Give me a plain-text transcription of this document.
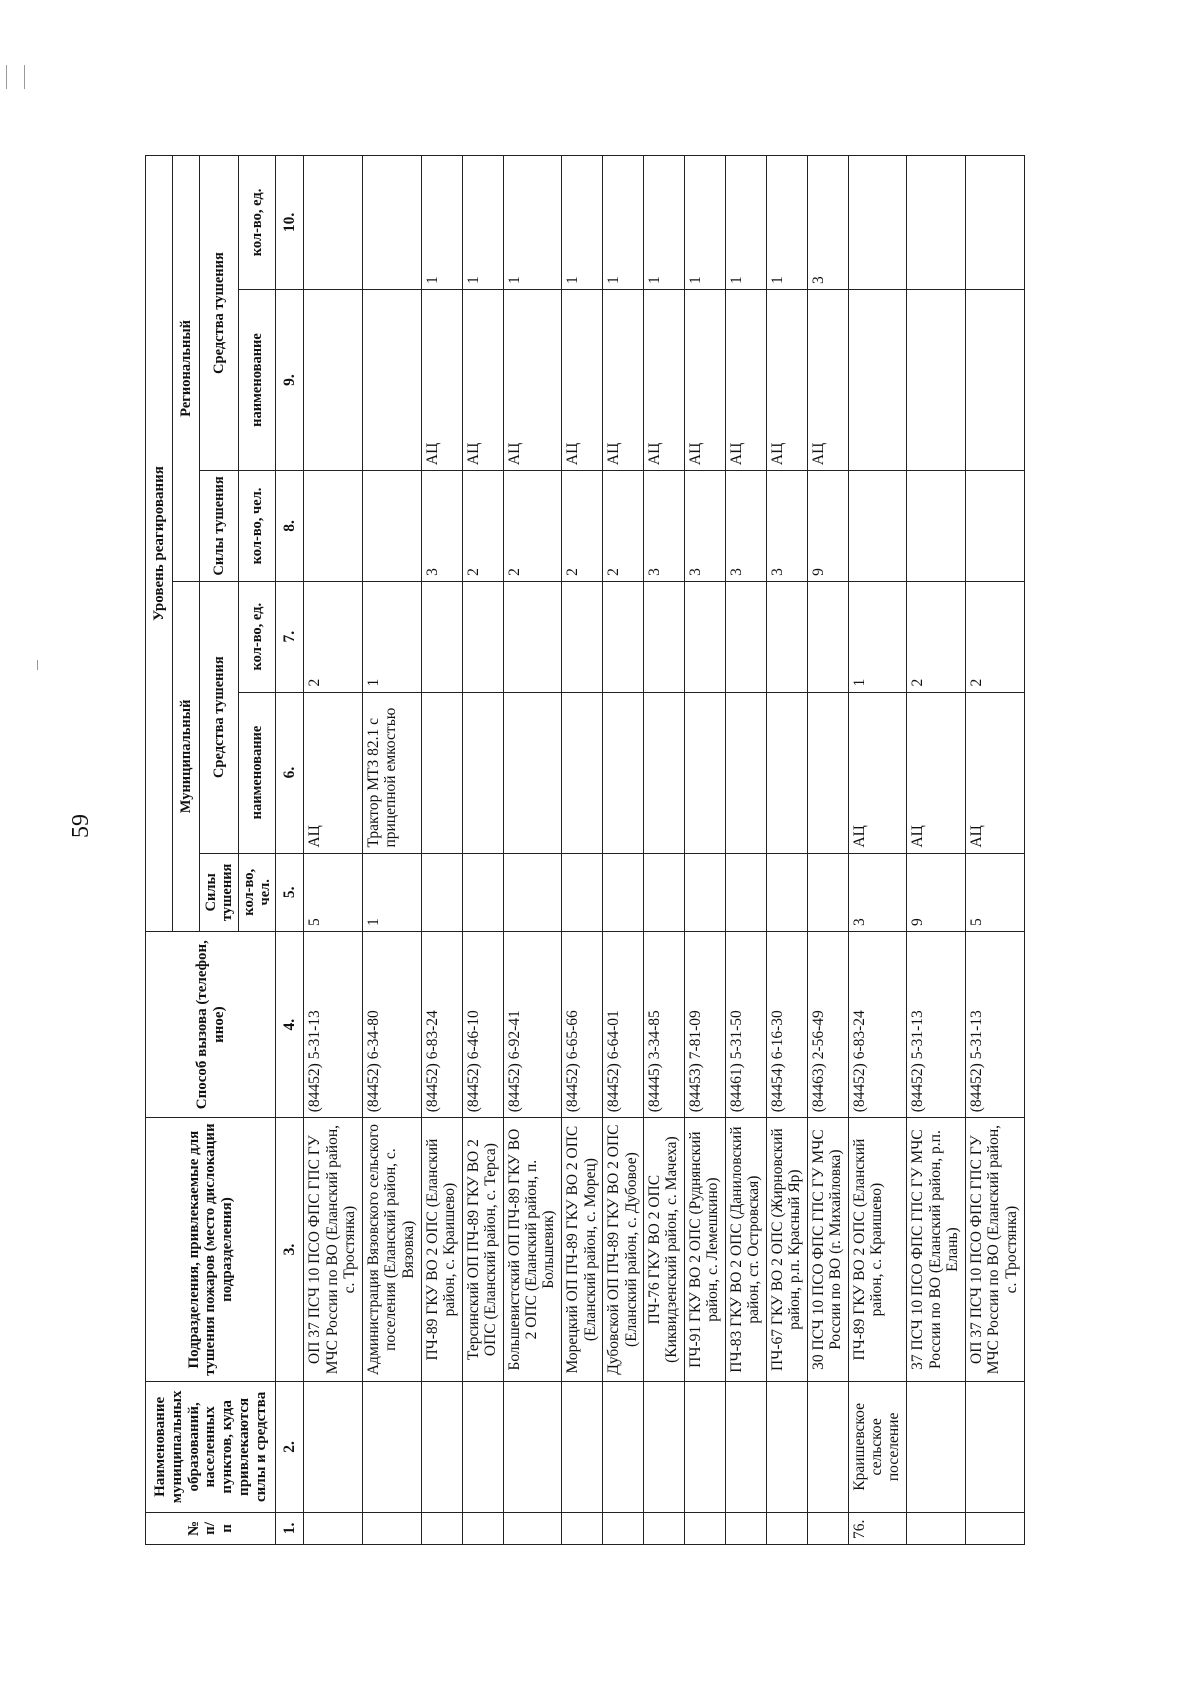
59
№ п/п	Наименование муниципальных образований, населенных пунктов, куда привлекаются силы и средства	Подразделения, привлекаемые для тушения пожаров (место дислокации подразделения)	Способ вызова (телефон, иное)	Уровень реагирования					
				Муниципальный			Региональный		
				Силы тушения	Средства тушения		Силы тушения	Средства тушения	
				кол-во, чел.	наименование	кол-во, ед.	кол-во, чел.	наименование	кол-во, ед.
1.	2.	3.	4.	5.	6.	7.	8.	9.	10.
		ОП 37 ПСЧ 10 ПСО ФПС ГПС ГУ МЧС России по ВО (Еланский район, с. Тростянка)	(84452) 5-31-13	5	АЦ	2			
		Администрация Вязовского сельского поселения (Еланский район, с. Вязовка)	(84452) 6-34-80	1	Трактор МТЗ 82.1 с прицепной емкостью	1			
		ПЧ-89 ГКУ ВО 2 ОПС (Еланский район, с. Краишево)	(84452) 6-83-24				3	АЦ	1
		Терсинский ОП ПЧ-89 ГКУ ВО 2 ОПС (Еланский район, с. Терса)	(84452) 6-46-10				2	АЦ	1
		Большевистский ОП ПЧ-89 ГКУ ВО 2 ОПС (Еланский район, п. Большевик)	(84452) 6-92-41				2	АЦ	1
		Морецкий ОП ПЧ-89 ГКУ ВО 2 ОПС (Еланский район, с. Морец)	(84452) 6-65-66				2	АЦ	1
		Дубовской ОП ПЧ-89 ГКУ ВО 2 ОПС (Еланский район, с. Дубовое)	(84452) 6-64-01				2	АЦ	1
		ПЧ-76 ГКУ ВО 2 ОПС (Киквидзенский район, с. Мачеха)	(84445) 3-34-85				3	АЦ	1
		ПЧ-91 ГКУ ВО 2 ОПС (Руднянский район, с. Лемешкино)	(84453) 7-81-09				3	АЦ	1
		ПЧ-83 ГКУ ВО 2 ОПС (Даниловский район, ст. Островская)	(84461) 5-31-50				3	АЦ	1
		ПЧ-67 ГКУ ВО 2 ОПС (Жирновский район, р.п. Красный Яр)	(84454) 6-16-30				3	АЦ	1
		30 ПСЧ 10 ПСО ФПС ГПС ГУ МЧС России по ВО (г. Михайловка)	(84463) 2-56-49				9	АЦ	3
76.	Краишевское сельское поселение	ПЧ-89 ГКУ ВО 2 ОПС (Еланский район, с. Краишево)	(84452) 6-83-24	3	АЦ	1			
		37 ПСЧ 10 ПСО ФПС ГПС ГУ МЧС России по ВО (Еланский район, р.п. Елань)	(84452) 5-31-13	9	АЦ	2			
		ОП 37 ПСЧ 10 ПСО ФПС ГПС ГУ МЧС России по ВО (Еланский район, с. Тростянка)	(84452) 5-31-13	5	АЦ	2			
